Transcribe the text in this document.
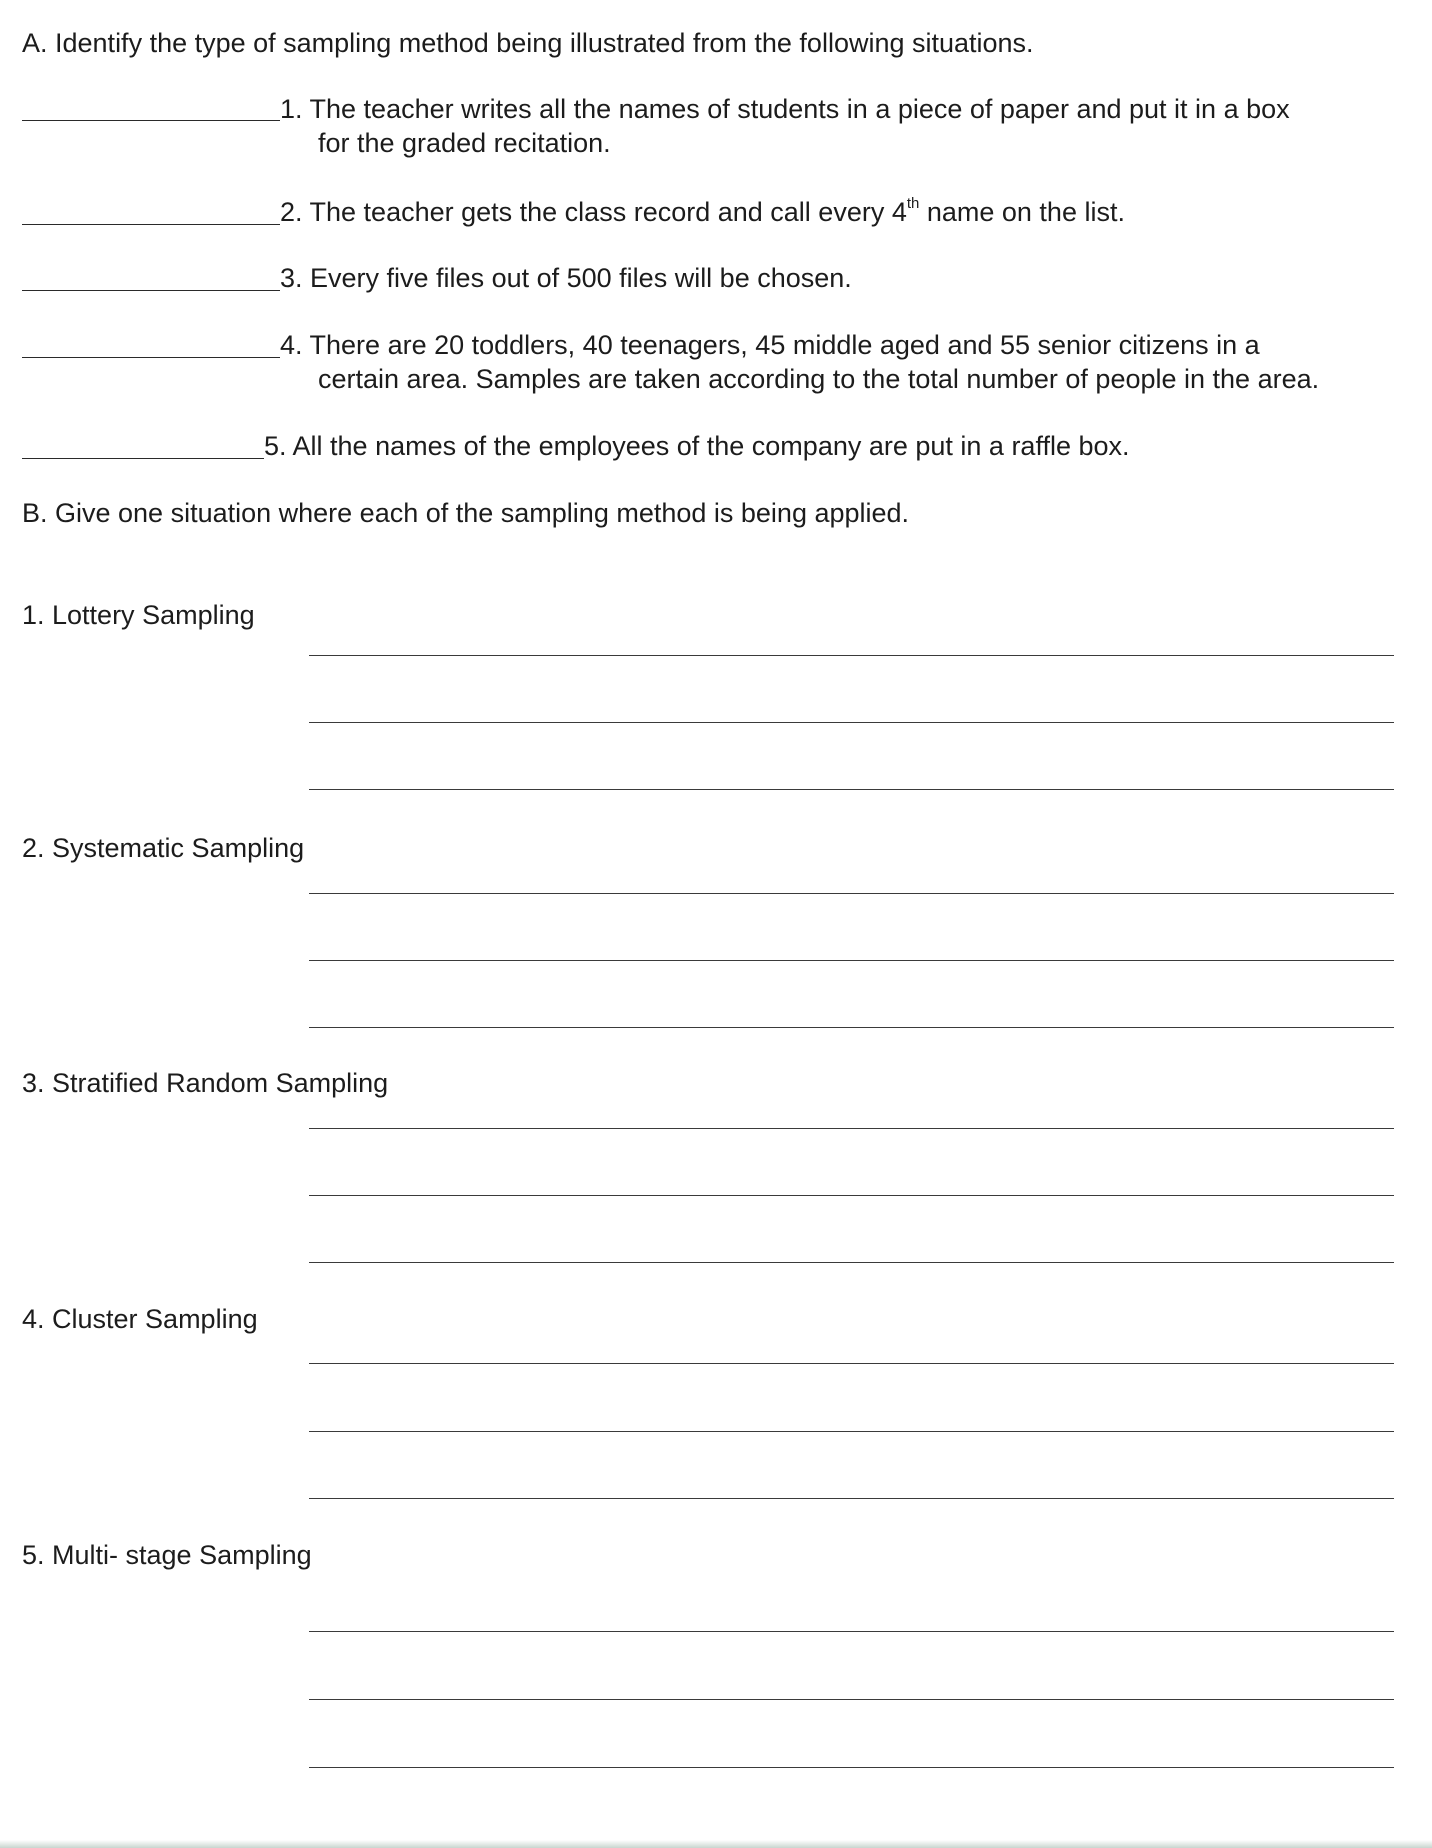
A. Identify the type of sampling method being illustrated from the following situations.
1. The teacher writes all the names of students in a piece of paper and put it in a box
for the graded recitation.
2. The teacher gets the class record and call every 4th name on the list.
3. Every five files out of 500 files will be chosen.
4. There are 20 toddlers, 40 teenagers, 45 middle aged and 55 senior citizens in a
certain area. Samples are taken according to the total number of people in the area.
5. All the names of the employees of the company are put in a raffle box.
B. Give one situation where each of the sampling method is being applied.
1. Lottery Sampling
2. Systematic Sampling
3. Stratified Random Sampling
4. Cluster Sampling
5. Multi- stage Sampling
